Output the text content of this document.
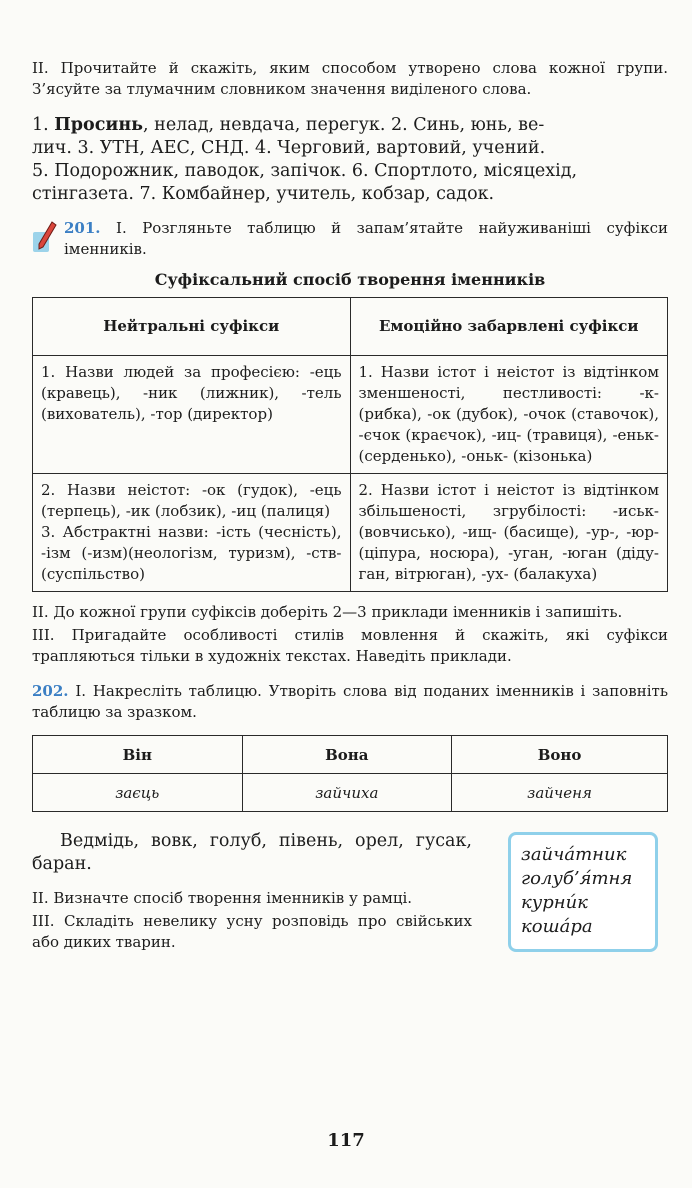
II. Прочитайте й скажіть, яким способом утворено слова кожної групи. З’ясуйте за тлумачним словником значення виділеного слова.

1. Просинь, нелад, невдача, перегук. 2. Синь, юнь, ве-
лич. 3. УТН, АЕС, СНД. 4. Черговий, вартовий, учений.
5. Подорожник, паводок, запічок. 6. Спортлото, місяцехід,
стінгазета. 7. Комбайнер, учитель, кобзар, садок.

201. I. Розгляньте таблицю й запам’ятайте найуживаніші суфікси іменників.
Суфіксальний спосіб творення іменників
Нейтральні суфікси	Емоційно забарвлені суфікси
1. Назви людей за професією: -ець (кравець), -ник (лижник), -тель (вихователь), -тор (директор)	1. Назви істот і неістот із відтінком зменшеності, пестливості: -к- (рибка), -ок (дубок), -очок (ставочок), -єчок (краєчок), -иц- (травиця), -еньк- (серденько), -оньк- (кізонька)

2. Назви неістот: -ок (гудок), -ець (терпець), -ик (лобзик), -иц (палиця)
3. Абстрактні назви: -ість (чесність), -ізм (-изм)(неологізм, туризм), -ств- (суспільство)	2. Назви істот і неістот із відтінком збільшеності, згрубілості: -иськ- (вовчисько), -ищ- (басище), -ур-, -юр- (ціпура, носюра), -уган, -юган (дідуган, вітрюган), -ух- (балакуха)

II. До кожної групи суфіксів доберіть 2—3 приклади іменників і запишіть.

III. Пригадайте особливості стилів мовлення й скажіть, які суфікси трапляються тільки в художніх текстах. Наведіть приклади.

202. I. Накресліть таблицю. Утворіть слова від поданих іменників і заповніть таблицю за зразком.

Він	Вона	Воно
заєць	зайчиха	зайченя

Ведмідь, вовк, голуб, півень, орел, гусак, баран.

II. Визначте спосіб творення іменників у рамці.

III. Складіть невелику усну розповідь про свійських або диких тварин.

зайча́тник
голуб’я́тня
курни́к
коша́ра
117
